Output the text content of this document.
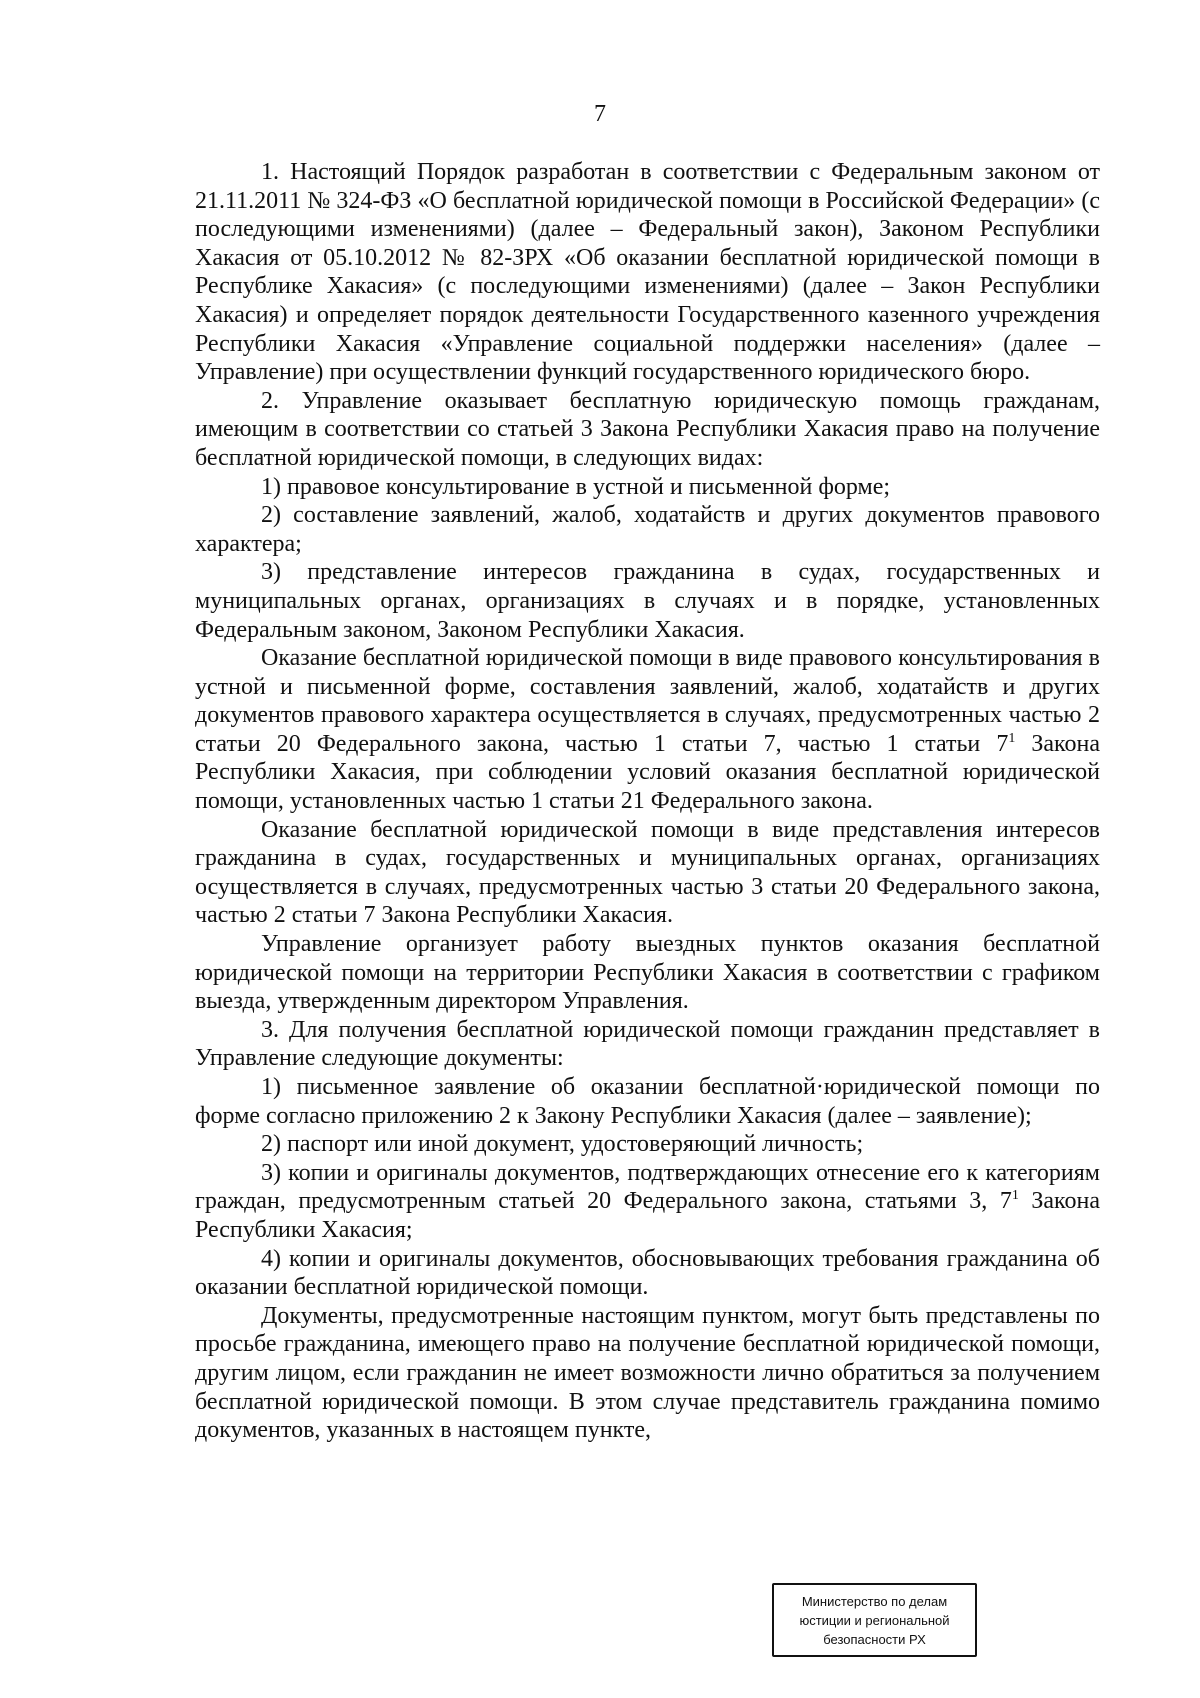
7

1. Настоящий Порядок разработан в соответствии с Федеральным законом от 21.11.2011 № 324-ФЗ «О бесплатной юридической помощи в Российской Федерации» (с последующими изменениями) (далее – Федеральный закон), Законом Республики Хакасия от 05.10.2012 № 82-ЗРХ «Об оказании бесплатной юридической помощи в Республике Хакасия» (с последующими изменениями) (далее – Закон Республики Хакасия) и определяет порядок деятельности Государственного казенного учреждения Республики Хакасия «Управление социальной поддержки населения» (далее – Управление) при осуществлении функций государственного юридического бюро.

2. Управление оказывает бесплатную юридическую помощь гражданам, имеющим в соответствии со статьей 3 Закона Республики Хакасия право на получение бесплатной юридической помощи, в следующих видах:

1) правовое консультирование в устной и письменной форме;

2) составление заявлений, жалоб, ходатайств и других документов правового характера;

3) представление интересов гражданина в судах, государственных и муниципальных органах, организациях в случаях и в порядке, установленных Федеральным законом, Законом Республики Хакасия.

Оказание бесплатной юридической помощи в виде правового консультирования в устной и письменной форме, составления заявлений, жалоб, ходатайств и других документов правового характера осуществляется в случаях, предусмотренных частью 2 статьи 20 Федерального закона, частью 1 статьи 7, частью 1 статьи $7^1$ Закона Республики Хакасия, при соблюдении условий оказания бесплатной юридической помощи, установленных частью 1 статьи 21 Федерального закона.

Оказание бесплатной юридической помощи в виде представления интересов гражданина в судах, государственных и муниципальных органах, организациях осуществляется в случаях, предусмотренных частью 3 статьи 20 Федерального закона, частью 2 статьи 7 Закона Республики Хакасия.

Управление организует работу выездных пунктов оказания бесплатной юридической помощи на территории Республики Хакасия в соответствии с графиком выезда, утвержденным директором Управления.

3. Для получения бесплатной юридической помощи гражданин представляет в Управление следующие документы:

1) письменное заявление об оказании бесплатной·юридической помощи по форме согласно приложению 2 к Закону Республики Хакасия (далее – заявление);

2) паспорт или иной документ, удостоверяющий личность;

3) копии и оригиналы документов, подтверждающих отнесение его к категориям граждан, предусмотренным статьей 20 Федерального закона, статьями 3, $7^1$ Закона Республики Хакасия;

4) копии и оригиналы документов, обосновывающих требования гражданина об оказании бесплатной юридической помощи.

Документы, предусмотренные настоящим пунктом, могут быть представлены по просьбе гражданина, имеющего право на получение бесплатной юридической помощи, другим лицом, если гражданин не имеет возможности лично обратиться за получением бесплатной юридической помощи. В этом случае представитель гражданина помимо документов, указанных в настоящем пункте,

Министерство по делам
юстиции и региональной
безопасности РХ
